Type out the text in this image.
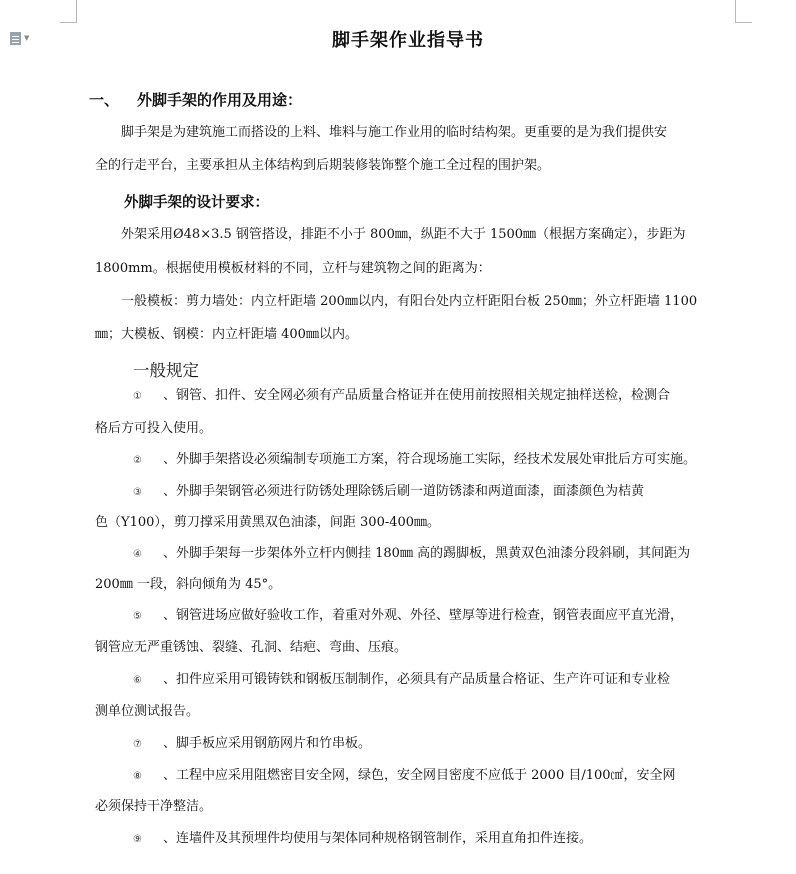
▼	脚手架作业指导书
一、 外脚手架的作用及用途：
脚手架是为建筑施工而搭设的上料、堆料与施工作业用的临时结构架。更重要的是为我们提供安
全的行走平台，主要承担从主体结构到后期装修装饰整个施工全过程的围护架。
外脚手架的设计要求：
外架采用Ø48×3.5 钢管搭设，排距不小于 800㎜，纵距不大于 1500㎜（根据方案确定），步距为
1800mm。根据使用模板材料的不同，立杆与建筑物之间的距离为：
一般模板：剪力墙处：内立杆距墙 200㎜以内，有阳台处内立杆距阳台板 250㎜；外立杆距墙 1100
㎜；大模板、钢模：内立杆距墙 400㎜以内。
一般规定
① 、钢管、扣件、安全网必须有产品质量合格证并在使用前按照相关规定抽样送检，检测合
格后方可投入使用。
② 、外脚手架搭设必须编制专项施工方案，符合现场施工实际，经技术发展处审批后方可实施。
③ 、外脚手架钢管必须进行防锈处理除锈后刷一道防锈漆和两道面漆，面漆颜色为桔黄
色（Y100），剪刀撑采用黄黑双色油漆，间距 300-400㎜。
④ 、外脚手架每一步架体外立杆内侧挂 180㎜ 高的踢脚板，黑黄双色油漆分段斜刷，其间距为
200㎜ 一段，斜向倾角为 45°。
⑤ 、钢管进场应做好验收工作，着重对外观、外径、壁厚等进行检查，钢管表面应平直光滑，
钢管应无严重锈蚀、裂缝、孔洞、结疤、弯曲、压痕。
⑥ 、扣件应采用可锻铸铁和钢板压制制作，必须具有产品质量合格证、生产许可证和专业检
测单位测试报告。
⑦ 、脚手板应采用钢筋网片和竹串板。
⑧ 、工程中应采用阻燃密目安全网，绿色，安全网目密度不应低于 2000 目/100㎠，安全网
必须保持干净整洁。
⑨ 、连墙件及其预埋件均使用与架体同种规格钢管制作，采用直角扣件连接。
